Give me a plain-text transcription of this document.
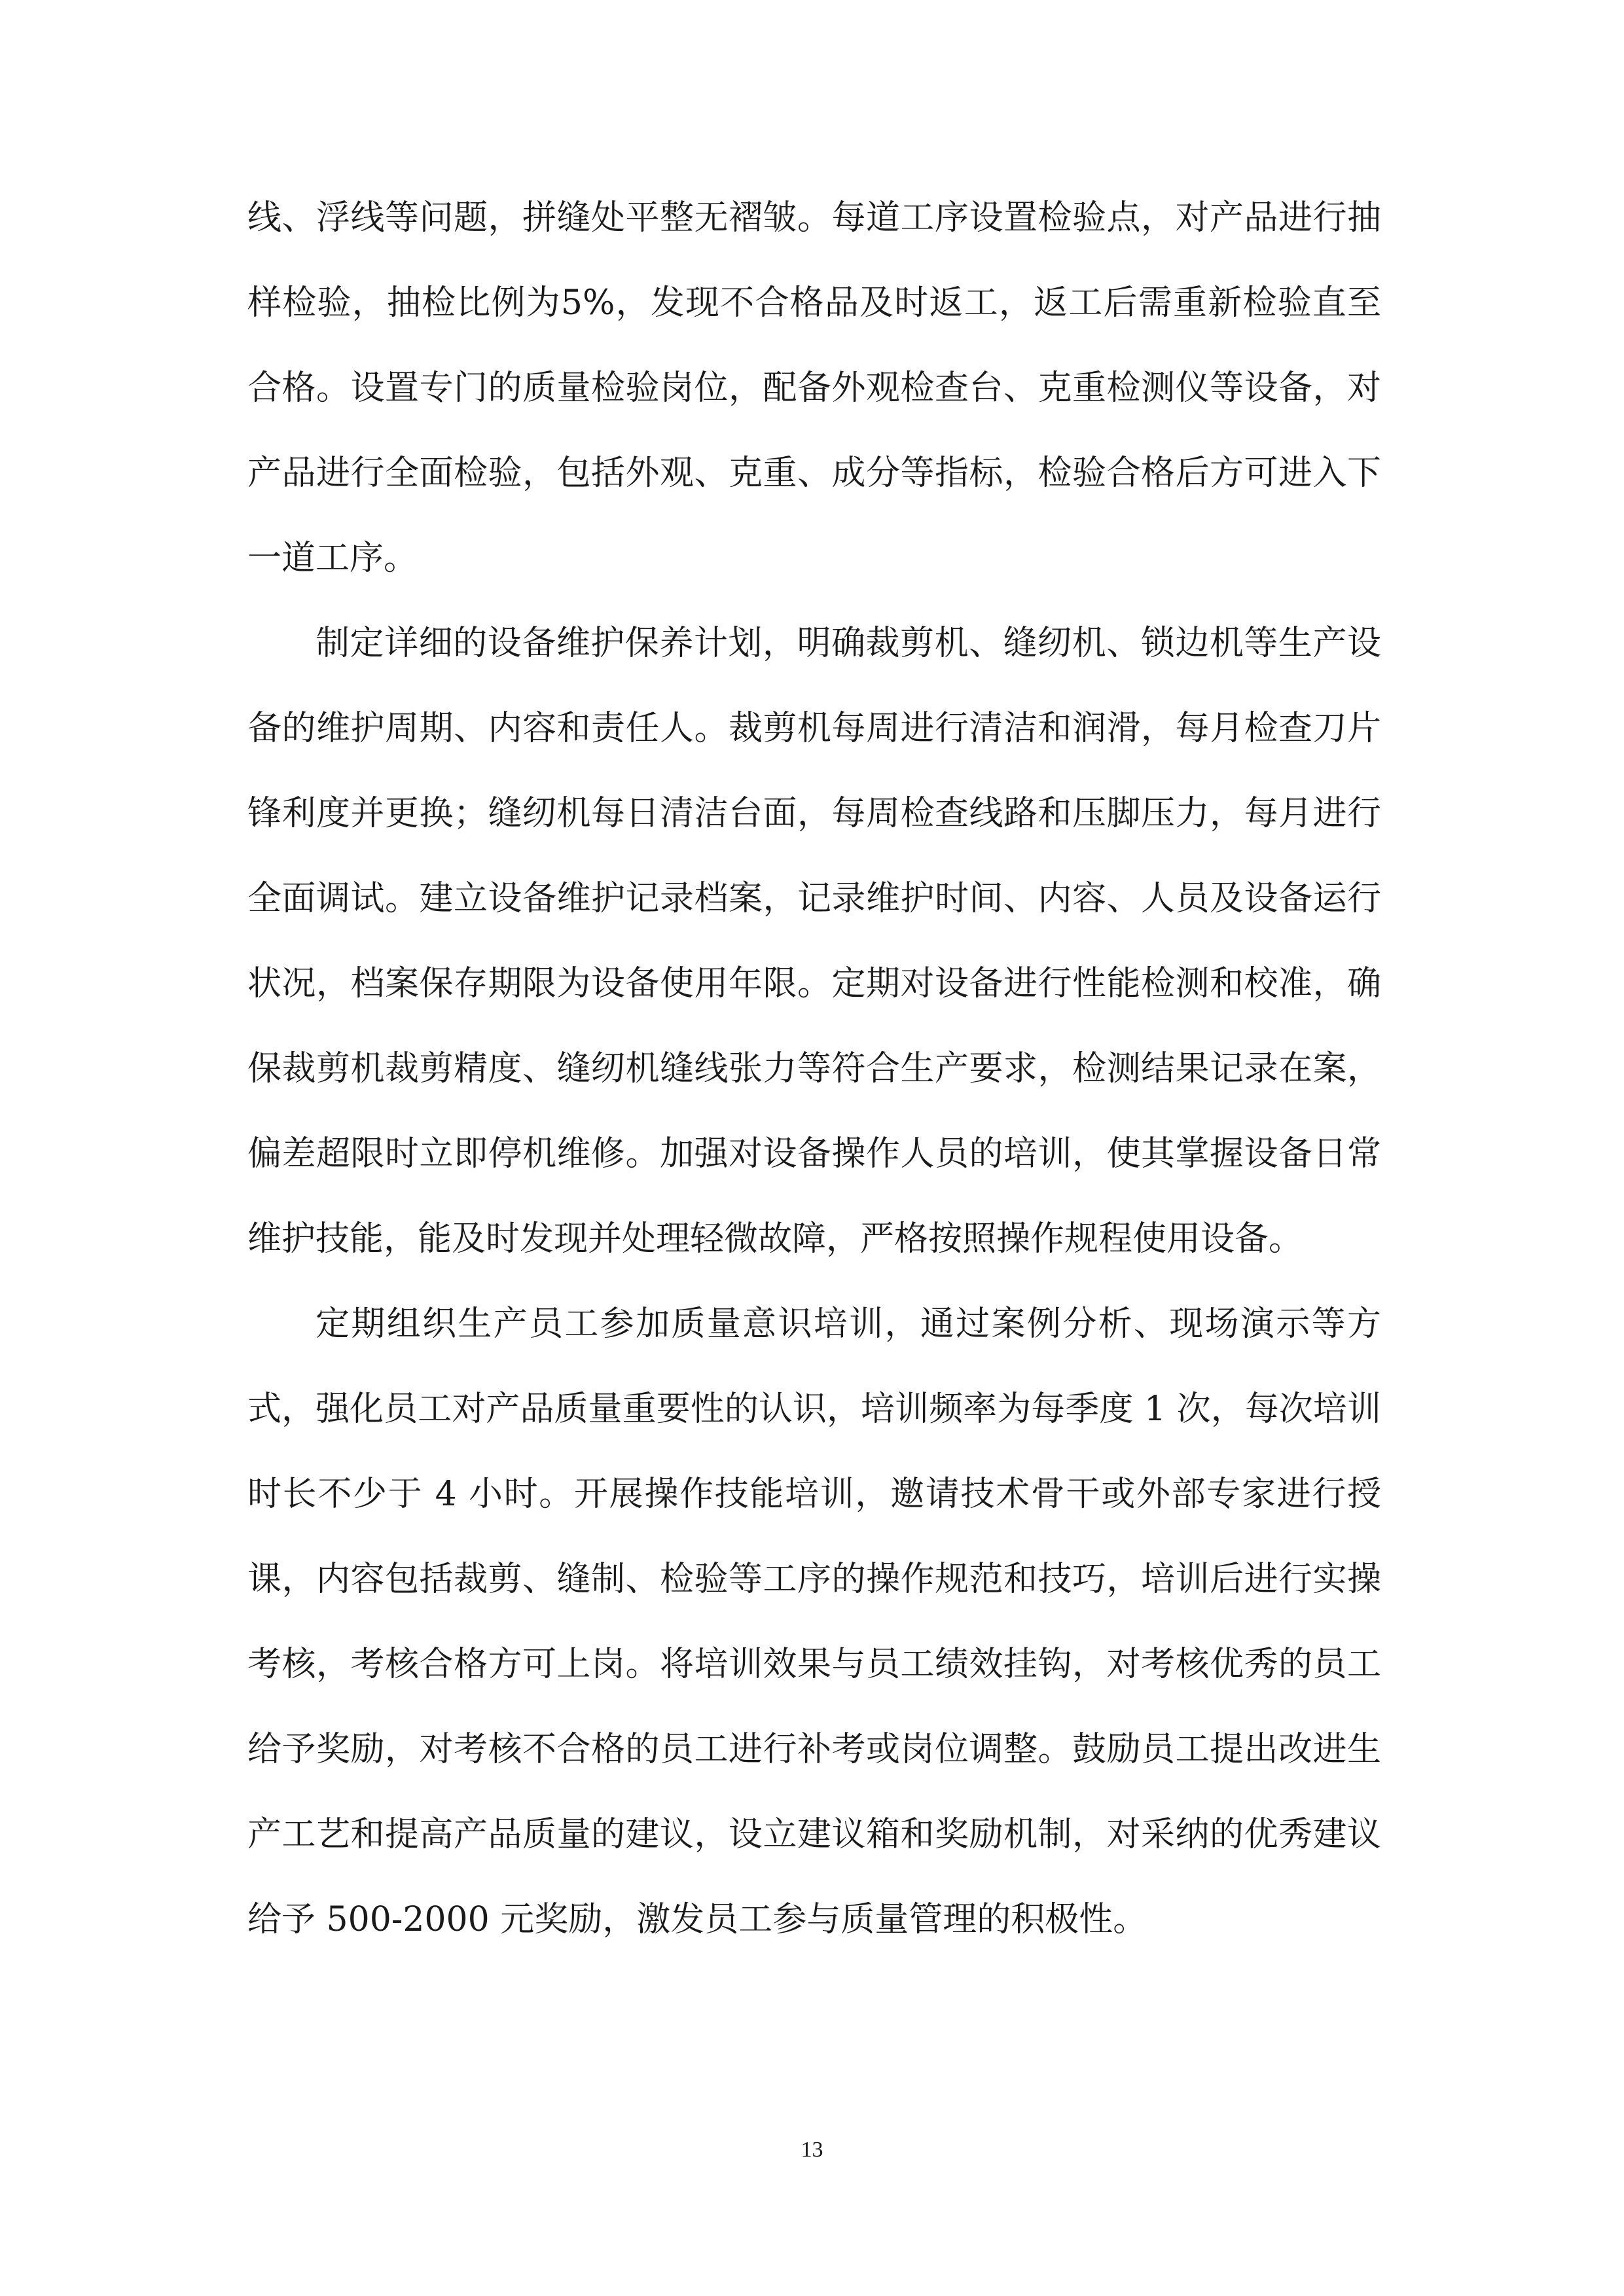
线、浮线等问题，拼缝处平整无褶皱。每道工序设置检验点，对产品进行抽样检验，抽检比例为5%，发现不合格品及时返工，返工后需重新检验直至合格。设置专门的质量检验岗位，配备外观检查台、克重检测仪等设备，对产品进行全面检验，包括外观、克重、成分等指标，检验合格后方可进入下一道工序。

制定详细的设备维护保养计划，明确裁剪机、缝纫机、锁边机等生产设备的维护周期、内容和责任人。裁剪机每周进行清洁和润滑，每月检查刀片锋利度并更换；缝纫机每日清洁台面，每周检查线路和压脚压力，每月进行全面调试。建立设备维护记录档案，记录维护时间、内容、人员及设备运行状况，档案保存期限为设备使用年限。定期对设备进行性能检测和校准，确保裁剪机裁剪精度、缝纫机缝线张力等符合生产要求，检测结果记录在案，偏差超限时立即停机维修。加强对设备操作人员的培训，使其掌握设备日常维护技能，能及时发现并处理轻微故障，严格按照操作规程使用设备。

定期组织生产员工参加质量意识培训，通过案例分析、现场演示等方式，强化员工对产品质量重要性的认识，培训频率为每季度 1 次，每次培训时长不少于 4 小时。开展操作技能培训，邀请技术骨干或外部专家进行授课，内容包括裁剪、缝制、检验等工序的操作规范和技巧，培训后进行实操考核，考核合格方可上岗。将培训效果与员工绩效挂钩，对考核优秀的员工给予奖励，对考核不合格的员工进行补考或岗位调整。鼓励员工提出改进生产工艺和提高产品质量的建议，设立建议箱和奖励机制，对采纳的优秀建议给予 500-2000 元奖励，激发员工参与质量管理的积极性。

13
